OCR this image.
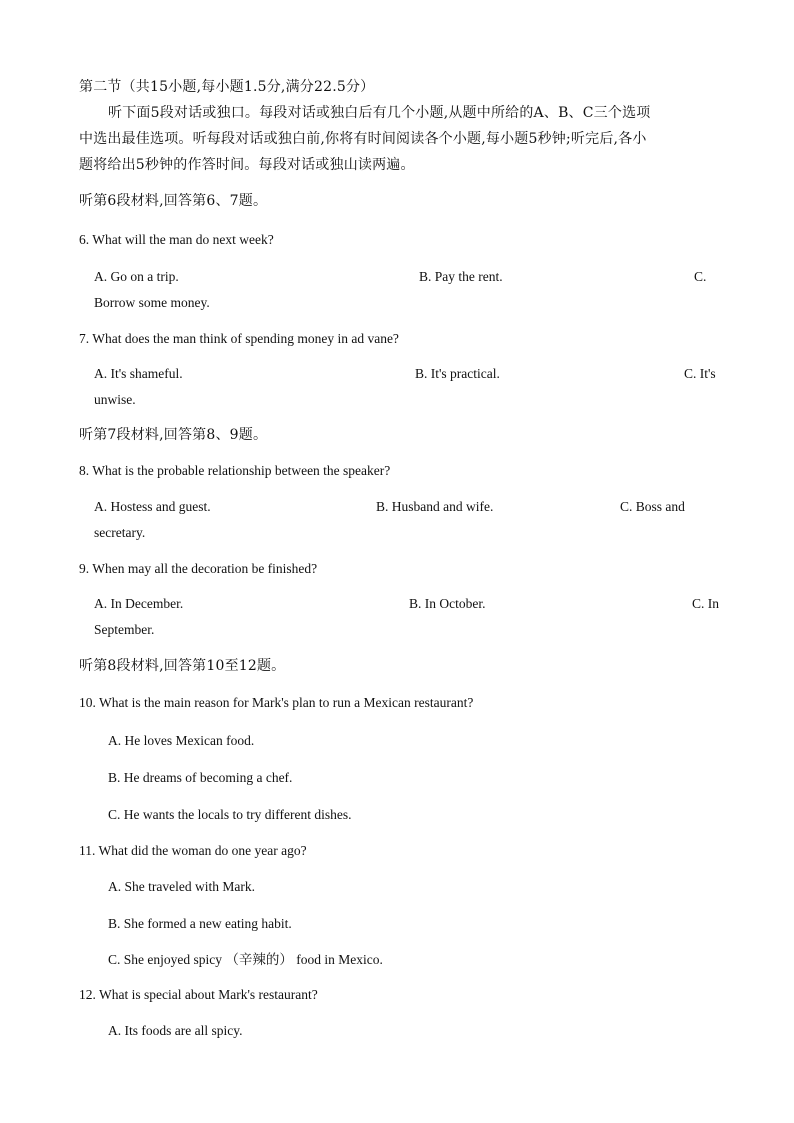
第二节（共15小题,每小题1.5分,满分22.5分）
听下面5段对话或独口。每段对话或独白后有几个小题,从题中所给的A、B、C三个选项
中选出最佳选项。听每段对话或独白前,你将有时间阅读各个小题,每小题5秒钟;听完后,各小
题将给出5秒钟的作答时间。每段对话或独山读两遍。
听第6段材料,回答第6、7题。
6. What will the man do next week?
A. Go on a trip.	B. Pay the rent.	C.
Borrow some money.
7. What does the man think of spending money in ad vane?
A. It's shameful.	B. It's practical.	C. It's
unwise.
听第7段材料,回答第8、9题。
8. What is the probable relationship between the speaker?
A. Hostess and guest.	B. Husband and wife.	C. Boss and
secretary.
9. When may all the decoration be finished?
A. In December.	B. In October.	C. In
September.
听第8段材料,回答第10至12题。
10. What is the main reason for Mark's plan to run a Mexican restaurant?
A. He loves Mexican food.
B. He dreams of becoming a chef.
C. He wants the locals to try different dishes.
11. What did the woman do one year ago?
A. She traveled with Mark.
B. She formed a new eating habit.
C. She enjoyed spicy （辛辣的） food in Mexico.
12. What is special about Mark's restaurant?
A. Its foods are all spicy.
